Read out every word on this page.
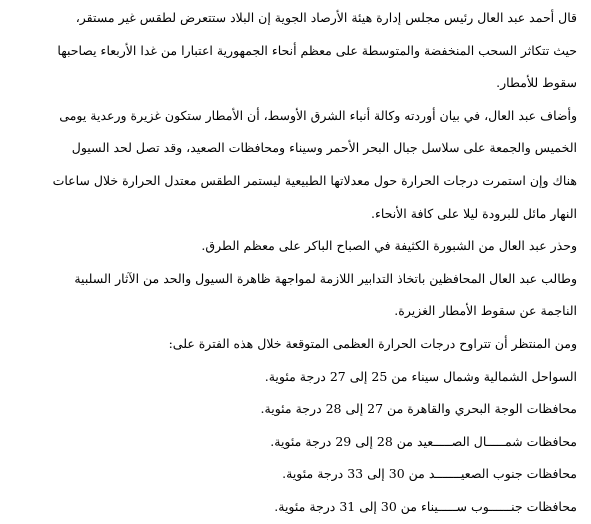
قال أحمد عبد العال رئيس مجلس إدارة هيئة الأرصاد الجوية إن البلاد ستتعرض لطقس غير مستقر،
حيث تتكاثر السحب المنخفضة والمتوسطة على معظم أنحاء الجمهورية اعتبارا من غدا الأربعاء يصاحبها
سقوط للأمطار.
وأضاف عبد العال، في بيان أوردته وكالة أنباء الشرق الأوسط، أن الأمطار ستكون غزيرة ورعدية يومى
الخميس والجمعة على سلاسل جبال البحر الأحمر وسيناء ومحافظات الصعيد، وقد تصل لحد السيول
هناك وإن استمرت درجات الحرارة حول معدلاتها الطبيعية ليستمر الطقس معتدل الحرارة خلال ساعات
النهار مائل للبرودة ليلا على كافة الأنحاء.
وحذر عبد العال من الشبورة الكثيفة في الصباح الباكر على معظم الطرق.
وطالب عبد العال المحافظين باتخاذ التدابير اللازمة لمواجهة ظاهرة السيول والحد من الآثار السلبية
الناجمة عن سقوط الأمطار الغزيرة.
ومن المنتظر أن تتراوح درجات الحرارة العظمى المتوقعة خلال هذه الفترة على:
السواحل الشمالية وشمال سيناء من 25 إلى 27 درجة مئوية.
محافظات الوجة البحري والقاهرة من 27 إلى 28 درجة مئوية.
محافظات شمـــــال الصـــــعيد من 28 إلى 29 درجة مئوية.
محافظات جنوب الصعيـــــــد من 30 إلى 33 درجة مئوية.
محافظات جنــــــوب ســـــيناء من 30 إلى 31 درجة مئوية.
